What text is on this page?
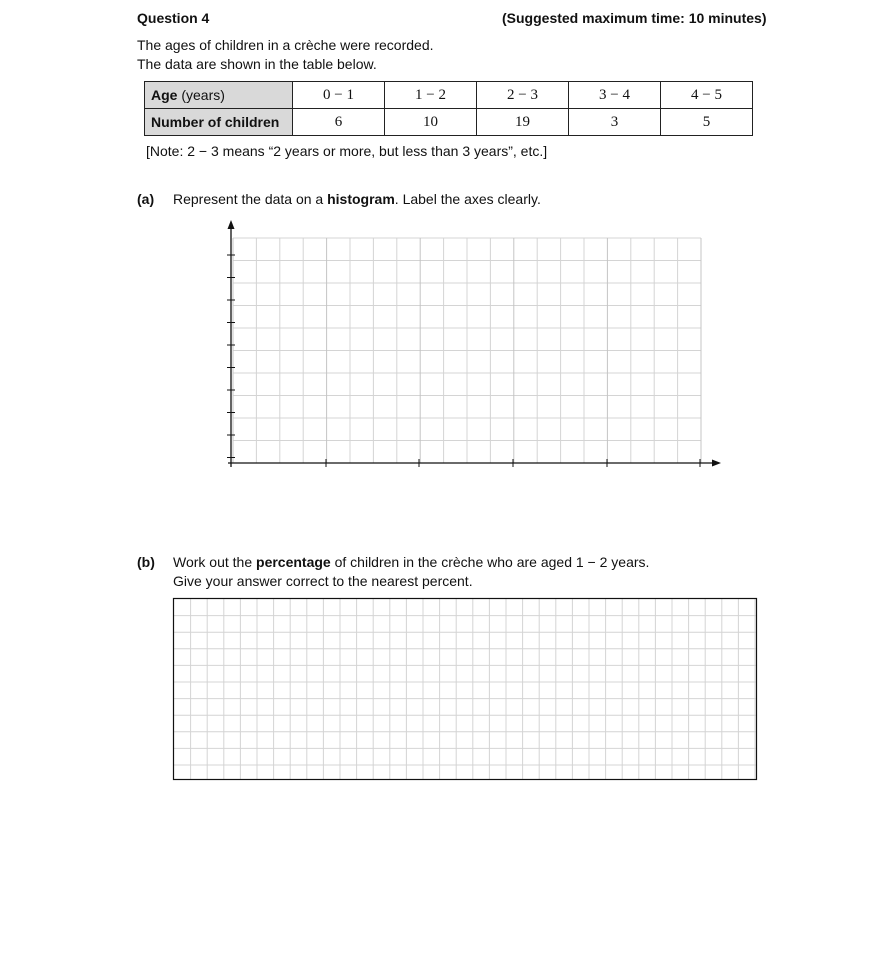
Question 4	(Suggested maximum time: 10 minutes)
The ages of children in a crèche were recorded.
The data are shown in the table below.
Age (years)	0 − 1	1 − 2	2 − 3	3 − 4	4 − 5
Number of children	6	10	19	3	5
[Note: 2 − 3 means “2 years or more, but less than 3 years”, etc.]
(a) Represent the data on a histogram. Label the axes clearly.
(b) Work out the percentage of children in the crèche who are aged 1 − 2 years.
Give your answer correct to the nearest percent.
